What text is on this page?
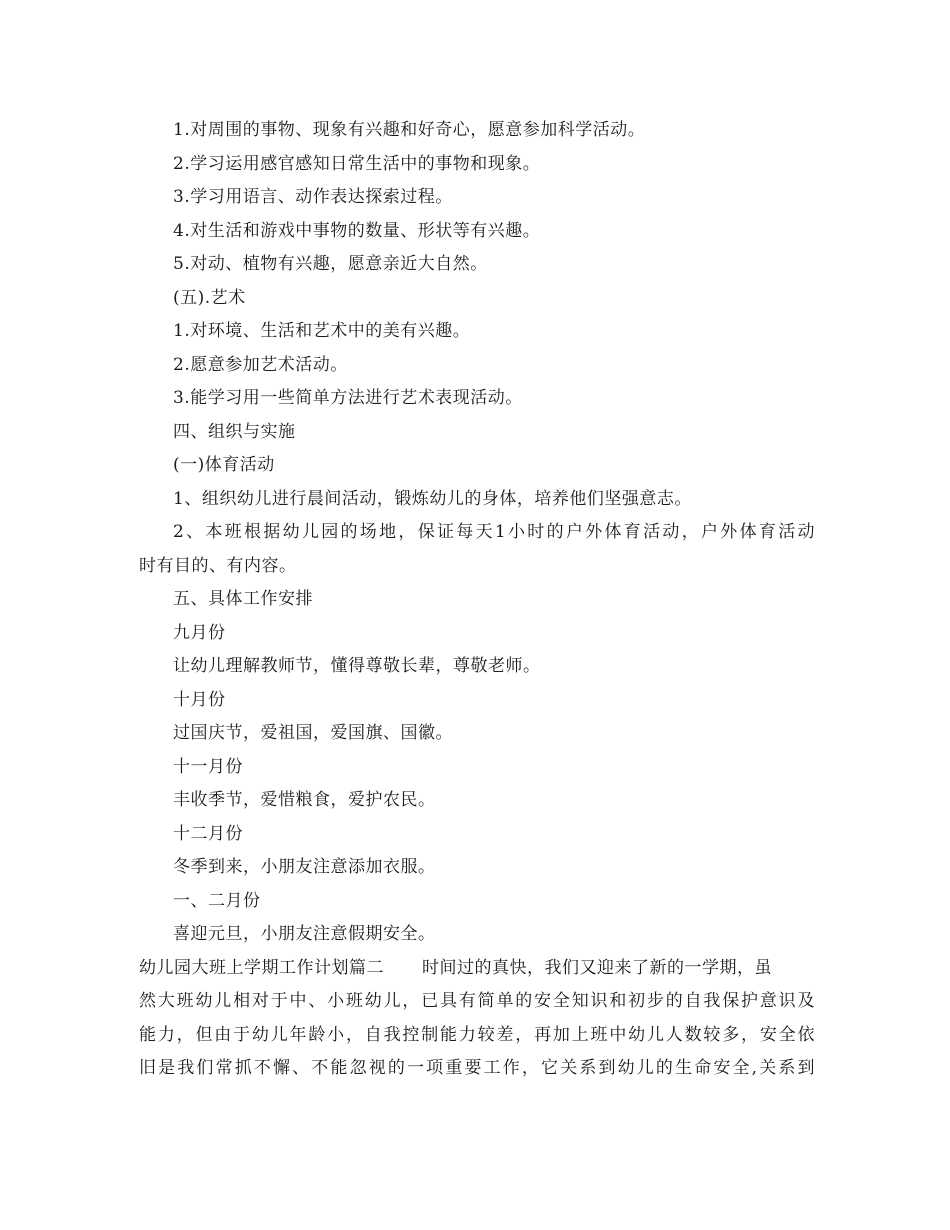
1.对周围的事物、现象有兴趣和好奇心，愿意参加科学活动。
2.学习运用感官感知日常生活中的事物和现象。
3.学习用语言、动作表达探索过程。
4.对生活和游戏中事物的数量、形状等有兴趣。
5.对动、植物有兴趣，愿意亲近大自然。
(五).艺术
1.对环境、生活和艺术中的美有兴趣。
2.愿意参加艺术活动。
3.能学习用一些简单方法进行艺术表现活动。
四、组织与实施
(一)体育活动
1、组织幼儿进行晨间活动，锻炼幼儿的身体，培养他们坚强意志。
2、本班根据幼儿园的场地，保证每天1小时的户外体育活动，户外体育活动
时有目的、有内容。
五、具体工作安排
九月份
让幼儿理解教师节，懂得尊敬长辈，尊敬老师。
十月份
过国庆节，爱祖国，爱国旗、国徽。
十一月份
丰收季节，爱惜粮食，爱护农民。
十二月份
冬季到来，小朋友注意添加衣服。
一、二月份
喜迎元旦，小朋友注意假期安全。
幼儿园大班上学期工作计划篇二 时间过的真快，我们又迎来了新的一学期，虽
然大班幼儿相对于中、小班幼儿，已具有简单的安全知识和初步的自我保护意识及
能力，但由于幼儿年龄小，自我控制能力较差，再加上班中幼儿人数较多，安全依
旧是我们常抓不懈、不能忽视的一项重要工作，它关系到幼儿的生命安全,关系到
